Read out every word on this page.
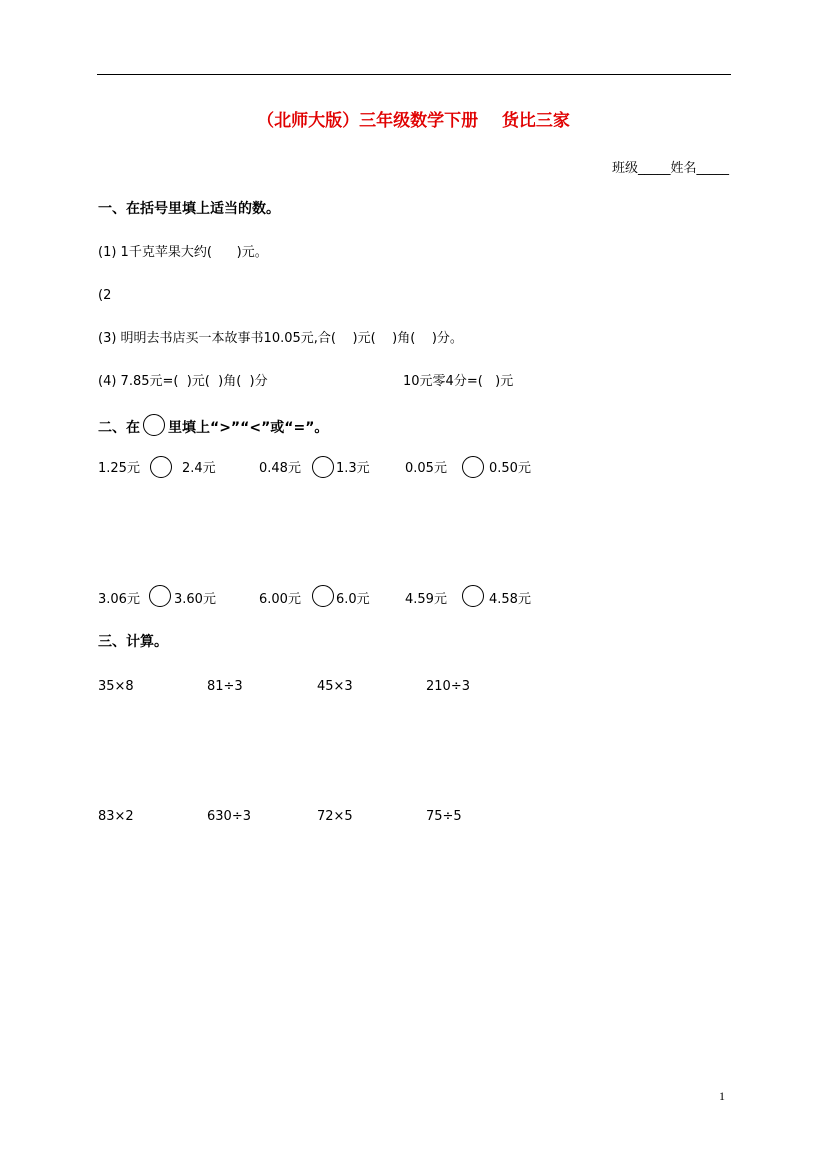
（北师大版）三年级数学下册    货比三家
班级_____姓名_____
一、在括号里填上适当的数。
(1) 1千克苹果大约(      )元。
(2
(3) 明明去书店买一本故事书10.05元,合(    )元(    )角(    )分。
(4) 7.85元=(  )元(  )角(  )分	10元零4分=(   )元
二、在 里填上“>”“<”或“=”。
1.25元	2.4元	0.48元	1.3元	0.05元	0.50元
3.06元	3.60元	6.00元	6.0元	4.59元	4.58元
三、计算。
35×8	81÷3	45×3	210÷3
83×2	630÷3	72×5	75÷5
1
